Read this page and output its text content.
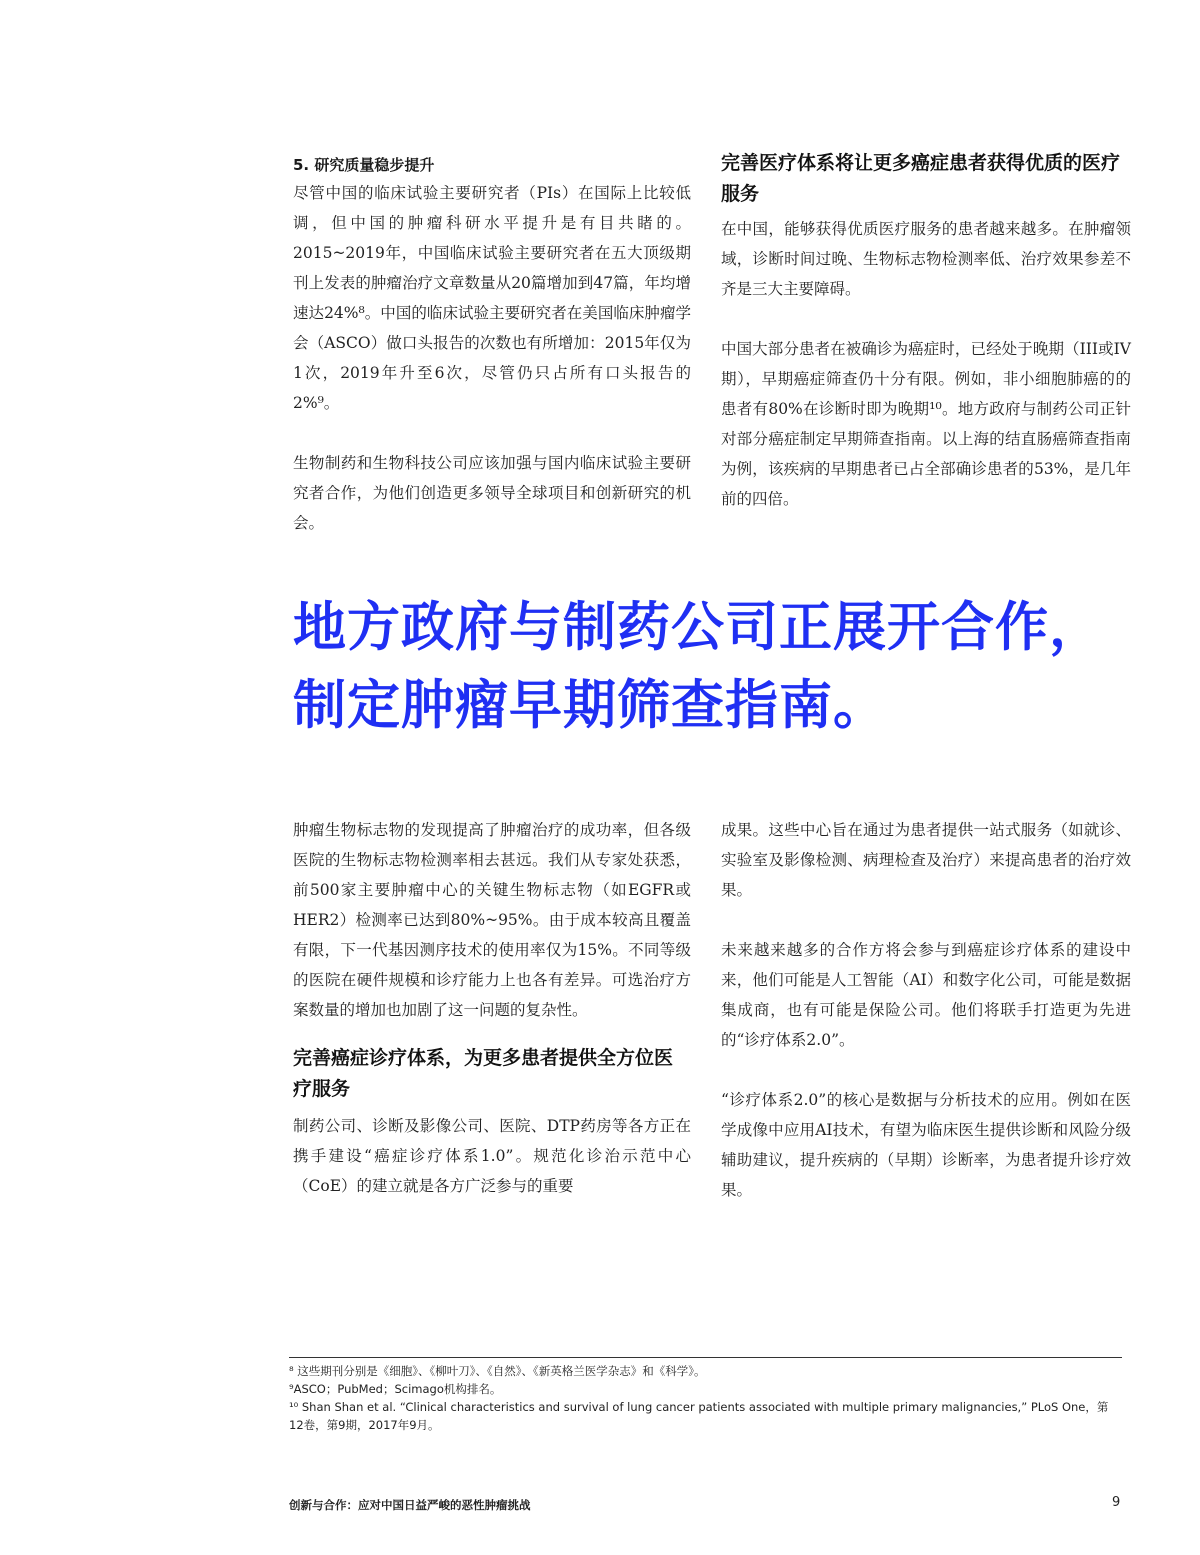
5. 研究质量稳步提升

尽管中国的临床试验主要研究者（PIs）在国际上比较低调，但中国的肿瘤科研水平提升是有目共睹的。2015~2019年，中国临床试验主要研究者在五大顶级期刊上发表的肿瘤治疗文章数量从20篇增加到47篇，年均增速达24%⁸。中国的临床试验主要研究者在美国临床肿瘤学会（ASCO）做口头报告的次数也有所增加：2015年仅为1次，2019年升至6次，尽管仍只占所有口头报告的2%⁹。

生物制药和生物科技公司应该加强与国内临床试验主要研究者合作，为他们创造更多领导全球项目和创新研究的机会。

完善医疗体系将让更多癌症患者获得优质的医疗服务

在中国，能够获得优质医疗服务的患者越来越多。在肿瘤领域，诊断时间过晚、生物标志物检测率低、治疗效果参差不齐是三大主要障碍。

中国大部分患者在被确诊为癌症时，已经处于晚期（III或IV期），早期癌症筛查仍十分有限。例如，非小细胞肺癌的的患者有80%在诊断时即为晚期¹⁰。地方政府与制药公司正针对部分癌症制定早期筛查指南。以上海的结直肠癌筛查指南为例，该疾病的早期患者已占全部确诊患者的53%，是几年前的四倍。

地方政府与制药公司正展开合作，制定肿瘤早期筛查指南。

肿瘤生物标志物的发现提高了肿瘤治疗的成功率，但各级医院的生物标志物检测率相去甚远。我们从专家处获悉，前500家主要肿瘤中心的关键生物标志物（如EGFR或HER2）检测率已达到80%~95%。由于成本较高且覆盖有限，下一代基因测序技术的使用率仅为15%。不同等级的医院在硬件规模和诊疗能力上也各有差异。可选治疗方案数量的增加也加剧了这一问题的复杂性。

完善癌症诊疗体系，为更多患者提供全方位医疗服务

制药公司、诊断及影像公司、医院、DTP药房等各方正在携手建设“癌症诊疗体系1.0”。规范化诊治示范中心（CoE）的建立就是各方广泛参与的重要

成果。这些中心旨在通过为患者提供一站式服务（如就诊、实验室及影像检测、病理检查及治疗）来提高患者的治疗效果。

未来越来越多的合作方将会参与到癌症诊疗体系的建设中来，他们可能是人工智能（AI）和数字化公司，可能是数据集成商，也有可能是保险公司。他们将联手打造更为先进的“诊疗体系2.0”。

“诊疗体系2.0”的核心是数据与分析技术的应用。例如在医学成像中应用AI技术，有望为临床医生提供诊断和风险分级辅助建议，提升疾病的（早期）诊断率，为患者提升诊疗效果。

⁸ 这些期刊分别是《细胞》、《柳叶刀》、《自然》、《新英格兰医学杂志》和《科学》。

⁹ASCO；PubMed；Scimago机构排名。

¹⁰ Shan Shan et al. “Clinical characteristics and survival of lung cancer patients associated with multiple primary malignancies,” PLoS One，第12卷，第9期，2017年9月。

创新与合作：应对中国日益严峻的恶性肿瘤挑战	9
